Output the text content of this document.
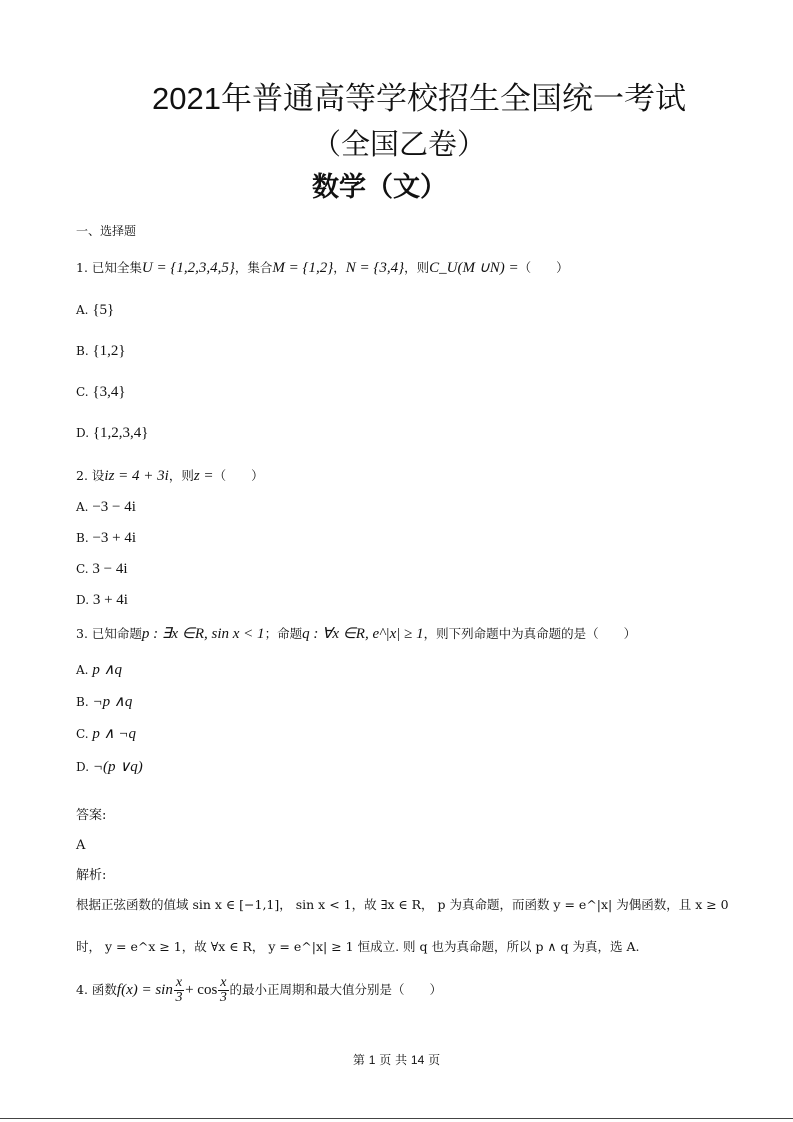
2021年普通高等学校招生全国统一考试
（全国乙卷）
数学（文）
一、选择题
1. 已知全集U = {1,2,3,4,5}，集合M = {1,2}，N = {3,4}，则C_U(M ∪N) =（　　）
A. {5}
B. {1,2}
C. {3,4}
D. {1,2,3,4}
2. 设iz = 4 + 3i，则z =（　　）
A. −3 − 4i
B. −3 + 4i
C. 3 − 4i
D. 3 + 4i
3. 已知命题p : ∃x ∈R, sin x < 1；命题q : ∀x ∈R, e^|x| ≥ 1，则下列命题中为真命题的是（　　）
A. p ∧q
B. ¬p ∧q
C. p ∧ ¬q
D. ¬(p ∨q)
答案:
A
解析:
根据正弦函数的值域 sin x ∈ [−1,1]， sin x < 1，故 ∃x ∈ R， p 为真命题，而函数 y = e^|x| 为偶函数，且 x ≥ 0
时， y = e^x ≥ 1，故 ∀x ∈ R， y = e^|x| ≥ 1 恒成立. 则 q 也为真命题，所以 p ∧ q 为真，选 A.
4. 函数$f(x) = \sin \frac{x}{3} + \cos \frac{x}{3}$ 的最小正周期和最大值分别是（　　）
第 1 页 共 14 页
